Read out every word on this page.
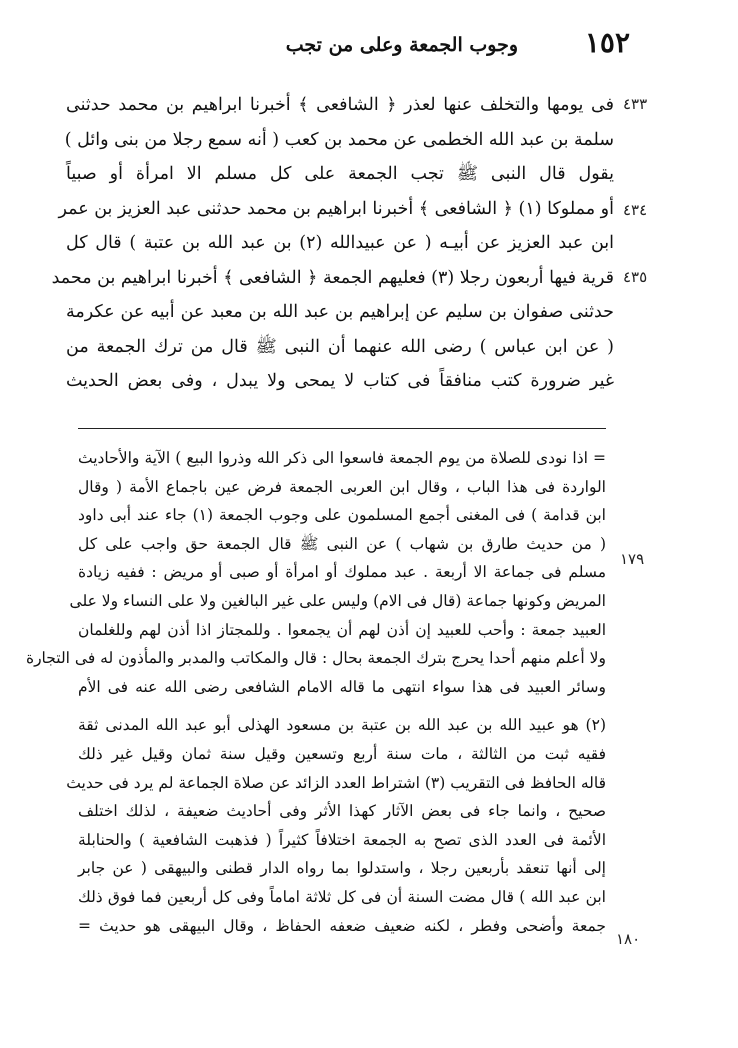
١٥٢
وجوب الجمعة وعلى من تجب
٤٣٣
٤٣٤
٤٣٥
فى يومها والتخلف عنها لعذر ﴿ الشافعى ﴾ أخبرنا ابراهيم بن محمد حدثنى
سلمة بن عبد الله الخطمى عن محمد بن كعب ( أنه سمع رجلا من بنى وائل )
يقول قال النبى ﷺ تجب الجمعة على كل مسلم الا امرأة أو صبياً
أو مملوكا (١) ﴿ الشافعى ﴾ أخبرنا ابراهيم بن محمد حدثنى عبد العزيز بن عمر
ابن عبد العزيز عن أبيـه ( عن عبيدالله (٢) بن عبد الله بن عتبة ) قال كل
قرية فيها أربعون رجلا (٣) فعليهم الجمعة ﴿ الشافعى ﴾ أخبرنا ابراهيم بن محمد
حدثنى صفوان بن سليم عن إبراهيم بن عبد الله بن معبد عن أبيه عن عكرمة
( عن ابن عباس ) رضى الله عنهما أن النبى ﷺ قال من ترك الجمعة من
غير ضرورة كتب منافقاً فى كتاب لا يمحى ولا يبدل ، وفى بعض الحديث
١٧٩
١٨٠
= اذا نودى للصلاة من يوم الجمعة فاسعوا الى ذكر الله وذروا البيع ) الآية والأحاديث
الواردة فى هذا الباب ، وقال ابن العربى الجمعة فرض عين باجماع الأمة ( وقال
ابن قدامة ) فى المغنى أجمع المسلمون على وجوب الجمعة (١) جاء عند أبى داود
( من حديث طارق بن شهاب ) عن النبى ﷺ قال الجمعة حق واجب على كل
مسلم فى جماعة الا أربعة . عبد مملوك أو امرأة أو صبى أو مريض : ففيه زيادة
المريض وكونها جماعة (قال فى الام) وليس على غير البالغين ولا على النساء ولا على
العبيد جمعة : وأحب للعبيد إن أذن لهم أن يجمعوا . وللمجتاز اذا أذن لهم وللغلمان
ولا أعلم منهم أحدا يحرج بترك الجمعة بحال : قال والمكاتب والمدبر والمأذون له فى التجارة
وسائر العبيد فى هذا سواء انتهى ما قاله الامام الشافعى رضى الله عنه فى الأم
(٢) هو عبيد الله بن عبد الله بن عتبة بن مسعود الهذلى أبو عبد الله المدنى ثقة
فقيه ثبت من الثالثة ، مات سنة أربع وتسعين وقيل سنة ثمان وقيل غير ذلك
قاله الحافظ فى التقريب (٣) اشتراط العدد الزائد عن صلاة الجماعة لم يرد فى حديث
صحيح ، وانما جاء فى بعض الآثار كهذا الأثر وفى أحاديث ضعيفة ، لذلك اختلف
الأئمة فى العدد الذى تصح به الجمعة اختلافاً كثيراً ( فذهبت الشافعية ) والحنابلة
إلى أنها تنعقد بأربعين رجلا ، واستدلوا بما رواه الدار قطنى والبيهقى ( عن جابر
ابن عبد الله ) قال مضت السنة أن فى كل ثلاثة اماماً وفى كل أربعين فما فوق ذلك
جمعة وأضحى وفطر ، لكنه ضعيف ضعفه الحفاظ ، وقال البيهقى هو حديث =
